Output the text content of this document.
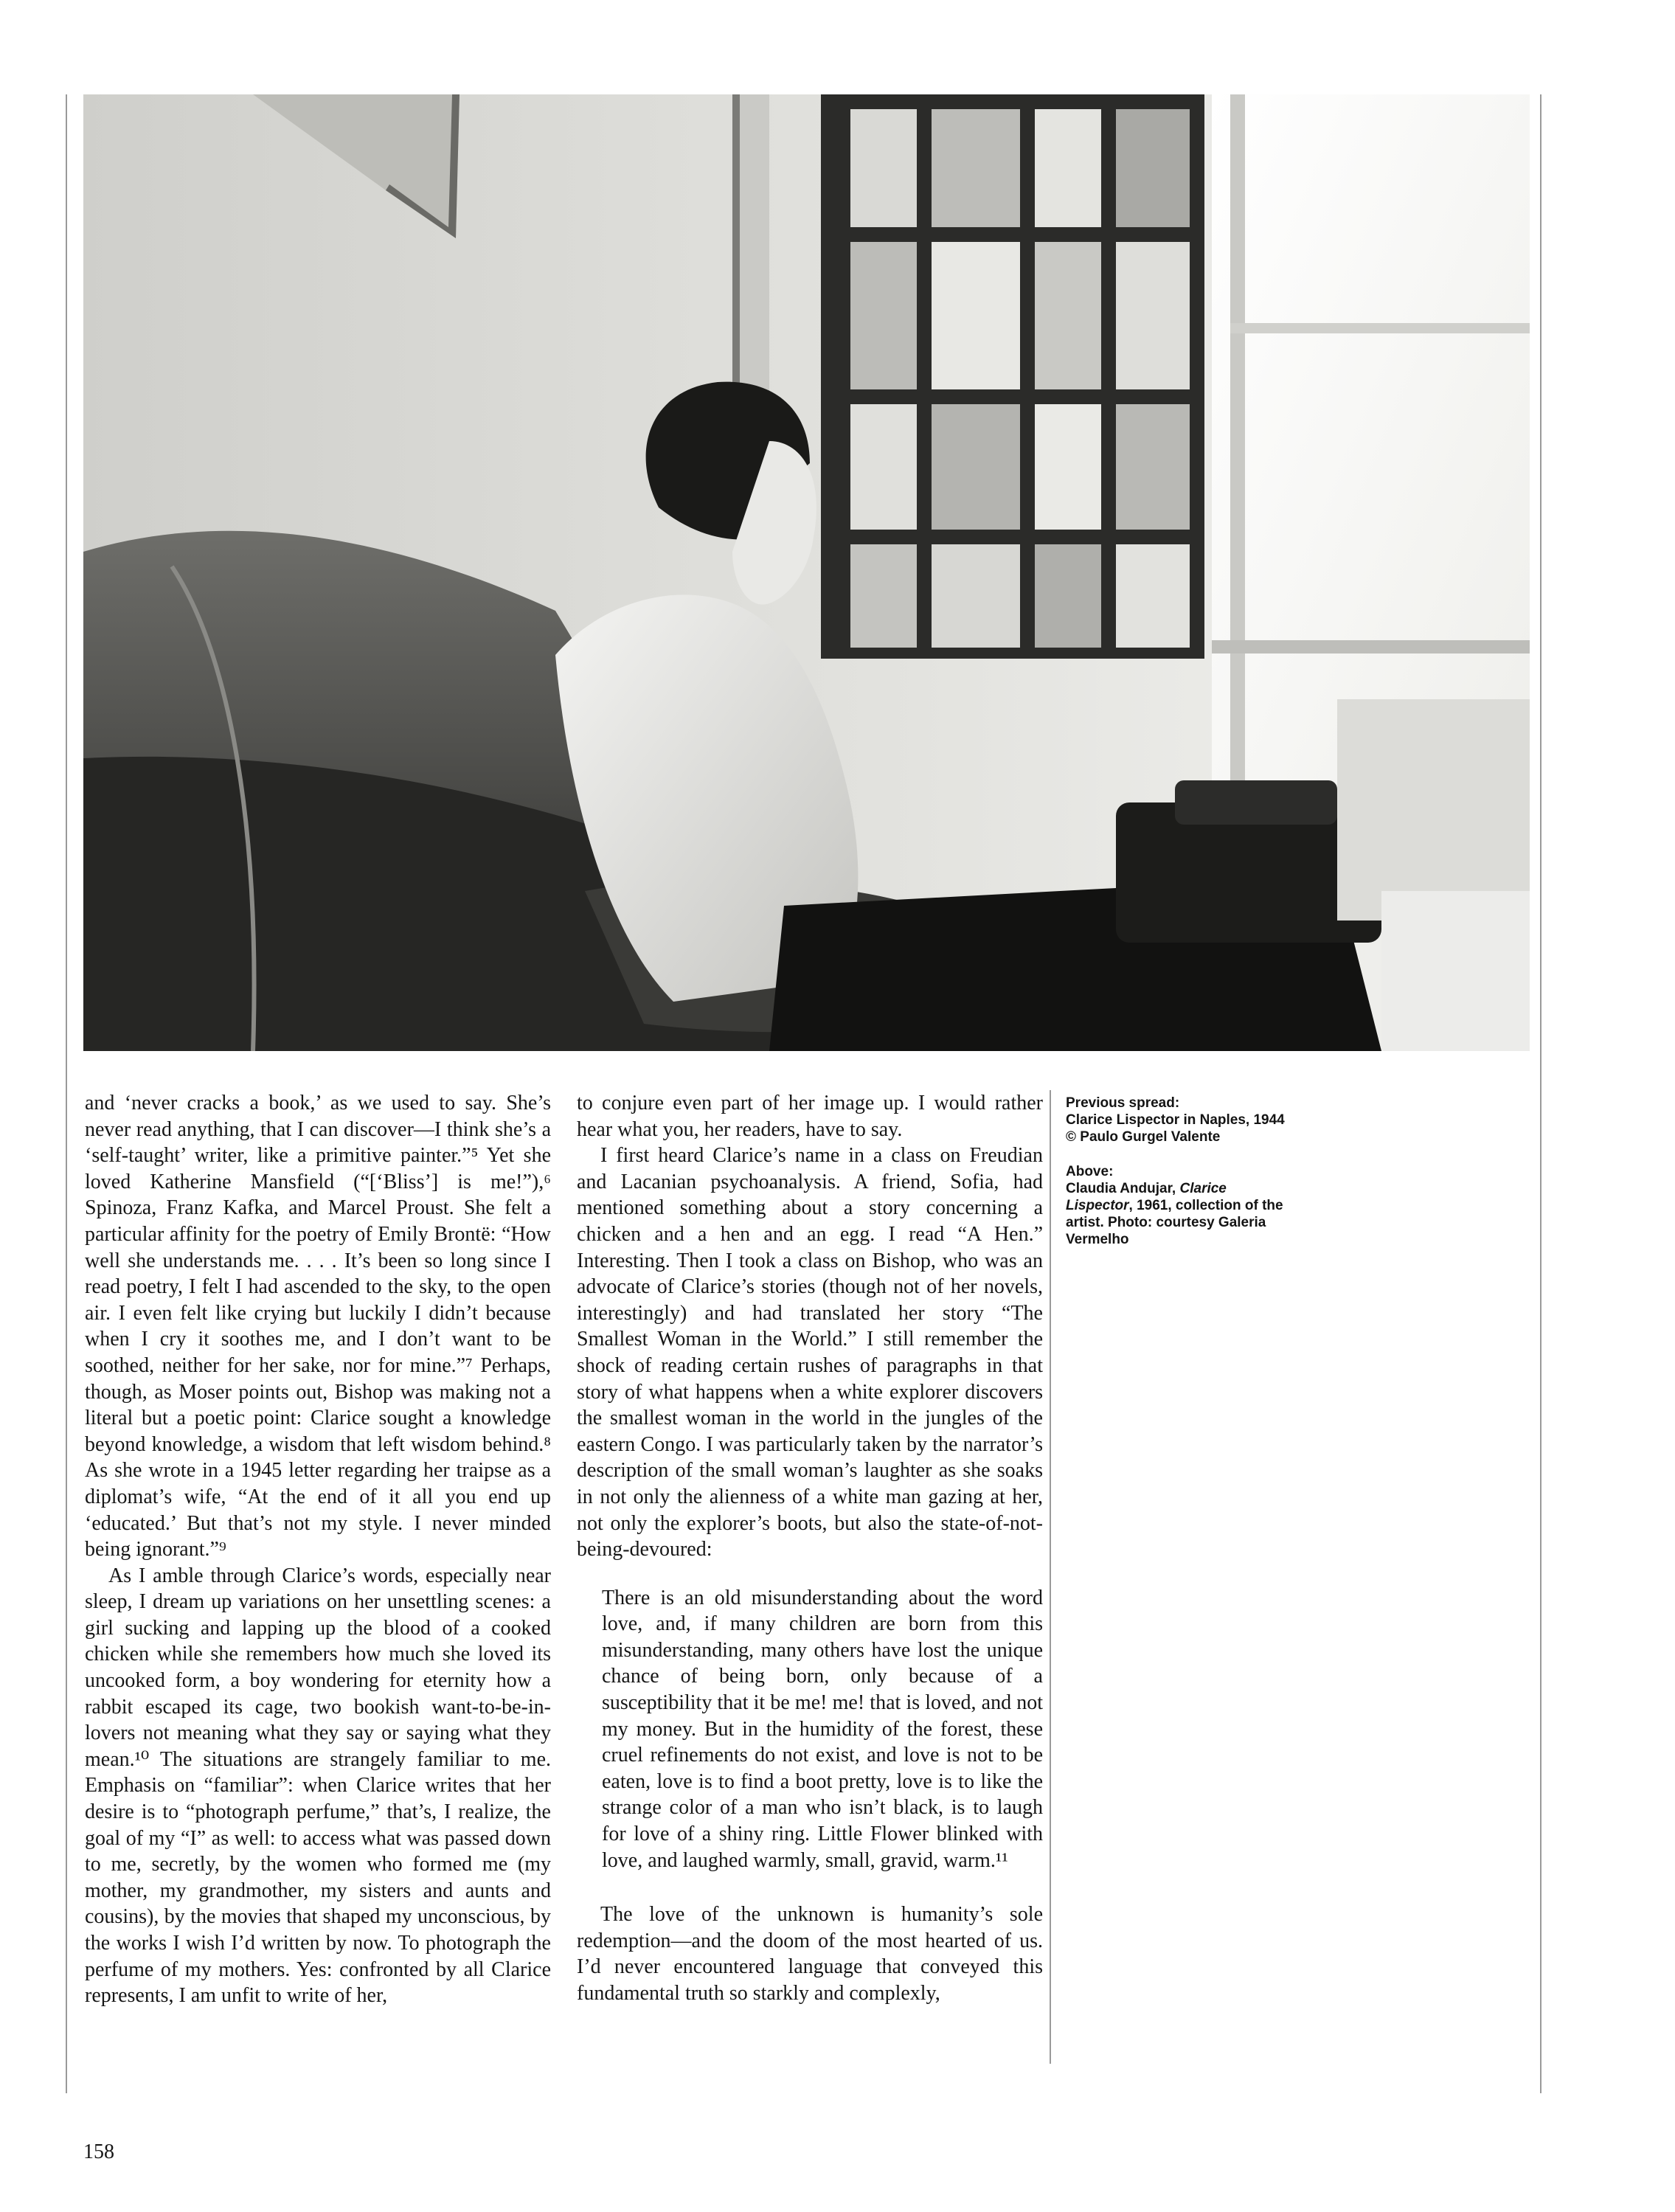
and ‘never cracks a book,’ as we used to say. She’s never read anything, that I can discover—I think she’s a ‘self-taught’ writer, like a primitive painter.”⁵ Yet she loved Katherine Mansfield (“[‘Bliss’] is me!”),⁶ Spinoza, Franz Kafka, and Marcel Proust. She felt a particular affinity for the poetry of Emily Brontë: “How well she understands me. . . . It’s been so long since I read poetry, I felt I had ascended to the sky, to the open air. I even felt like crying but luckily I didn’t because when I cry it soothes me, and I don’t want to be soothed, neither for her sake, nor for mine.”⁷ Perhaps, though, as Moser points out, Bishop was making not a literal but a poetic point: Clarice sought a knowledge beyond knowledge, a wisdom that left wisdom behind.⁸ As she wrote in a 1945 letter regarding her traipse as a diplomat’s wife, “At the end of it all you end up ‘educated.’ But that’s not my style. I never minded being ignorant.”⁹

As I amble through Clarice’s words, especially near sleep, I dream up variations on her unsettling scenes: a girl sucking and lapping up the blood of a cooked chicken while she remembers how much she loved its uncooked form, a boy wondering for eternity how a rabbit escaped its cage, two bookish want-to-be-in-lovers not meaning what they say or saying what they mean.¹⁰ The situations are strangely familiar to me. Emphasis on “familiar”: when Clarice writes that her desire is to “photograph perfume,” that’s, I realize, the goal of my “I” as well: to access what was passed down to me, secretly, by the women who formed me (my mother, my grandmother, my sisters and aunts and cousins), by the movies that shaped my unconscious, by the works I wish I’d written by now. To photograph the perfume of my mothers. Yes: confronted by all Clarice represents, I am unfit to write of her,

to conjure even part of her image up. I would rather hear what you, her readers, have to say.

I first heard Clarice’s name in a class on Freudian and Lacanian psychoanalysis. A friend, Sofia, had mentioned something about a story concerning a chicken and a hen and an egg. I read “A Hen.” Interesting. Then I took a class on Bishop, who was an advocate of Clarice’s stories (though not of her novels, interestingly) and had translated her story “The Smallest Woman in the World.” I still remember the shock of reading certain rushes of paragraphs in that story of what happens when a white explorer discovers the smallest woman in the world in the jungles of the eastern Congo. I was particularly taken by the narrator’s description of the small woman’s laughter as she soaks in not only the alienness of a white man gazing at her, not only the explorer’s boots, but also the state-of-not-being-devoured:

There is an old misunderstanding about the word love, and, if many children are born from this misunderstanding, many others have lost the unique chance of being born, only because of a susceptibility that it be me! me! that is loved, and not my money. But in the humidity of the forest, these cruel refinements do not exist, and love is not to be eaten, love is to find a boot pretty, love is to like the strange color of a man who isn’t black, is to laugh for love of a shiny ring. Little Flower blinked with love, and laughed warmly, small, gravid, warm.¹¹

The love of the unknown is humanity’s sole redemption—and the doom of the most hearted of us. I’d never encountered language that conveyed this fundamental truth so starkly and complexly,

Previous spread:

Clarice Lispector in Naples, 1944 © Paulo Gurgel Valente

Above:

Claudia Andujar, Clarice Lispector, 1961, collection of the artist. Photo: courtesy Galeria Vermelho

158
